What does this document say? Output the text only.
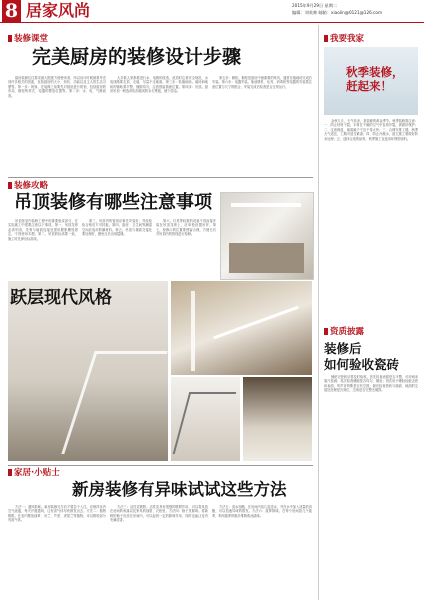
8 居家风尚	2015年9月29日 星期二
编辑：刘英帅 邮箱：xiaolin@0121@126.com
装修课堂
完美厨房的装修设计步骤

厨房装修往往要求最大限度方便使用者，所以设计时候就要考虑到许多相关的因素，包括厨房的大小、形状、功能以及主人的生活习惯等。第一步：规划。在装修之前要先对厨房进行规划，包括厨房的布局、橱柜的样式、电器的摆放位置等。第二步：水、电、气路改造。

大多数人家都要进行水、电路的改造，改造时注意安全规范，水电线路要走顶、走墙，尽量不走地面。第三步：贴墙地砖。墙砖和地砖的铺贴要平整，缝隙均匀，注意预留插座位置。第四步：吊顶。厨房吊顶一般选用铝扣板或防水石膏板，便于清洁。

第五步：橱柜。橱柜是厨房中最重要的家具，通常在墙地砖完成后安装。第六步：电器安装。抽油烟机、灶具、消毒柜等电器的安装要注意位置与尺寸的配合，安装完成后检查是否正常运行。

装修攻略
吊顶装修有哪些注意事项

吊顶是室内装修工程中的重要组成部分，在实际施工中需要注意以下事项。第一，吊顶龙骨必须牢固，龙骨与墙面连接处需用膨胀螺栓固定，不得使用木楔。第二，吊顶的标高要一致，施工时先弹出标高线。

第三，吊顶内的管线应事先安装好，并经检验合格后方可封板。第四，厨房、卫生间等潮湿空间应选用防潮材料。第五，吊顶与墙面交接处要处理好，避免日后出现裂缝。

第六，灯具等较重的设备不得直接安装在吊顶龙骨上，应单独设置吊杆。第七，检修口的位置要预留合理，方便日后对吊顶内的管线进行检修。

跃层现代风格

家居·小贴士
新房装修有异味试试这些方法

方法一：通风散味。新房装修完毕后不要急于入住，应保持室内空气流通，每天开窗通风，让有害气体尽快散发出去。方法二：植物吸附。在室内摆放绿萝、吊兰、芦荟、虎尾兰等植物，可以吸收部分有害气体。

方法三：活性炭吸附。活性炭具有很强的吸附作用，可以将其放在房间的角落以及家具的抽屉、衣柜里。方法四：柚子皮除味。将新鲜的柚子皮放在房间内，可以起到一定的除味作用，同时也能让室内充满清香。

方法五：清水加醋。在房间内放几盆清水，并在水中加入适量的食醋，可以加速异味的散发。方法六：菠萝除味。在每个房间放几个菠萝，利用菠萝的粗纤维吸收油漆味。

我要我家
秋季装修，
赶起来！

金秋九月，天气转凉，是装修的黄金季节。秋季装修需注意：一、防止材料干裂，木材在干燥的空气中容易开裂，需做好保护；二、注意保湿，墙面腻子不宜干得太快；三、合理安排工期，秋季天气适宜，工期可适当紧凑；四、防止冷凝水，厨卫施工要做好防水处理；五、选择合适的涂料，秋季施工宜选用环保型涂料。

资质披露
装修后
如何验收瓷砖

铺贴完瓷砖后要及时验收。首先检查表面是否平整，可用两米靠尺检测；其次检查缝隙是否均匀、顺直；再次用小锤轻轻敲击瓷砖表面，听声音判断是否有空鼓；最后检查瓷砖与墙面、地面的交接处处理是否到位，边角是否完整无破损。
